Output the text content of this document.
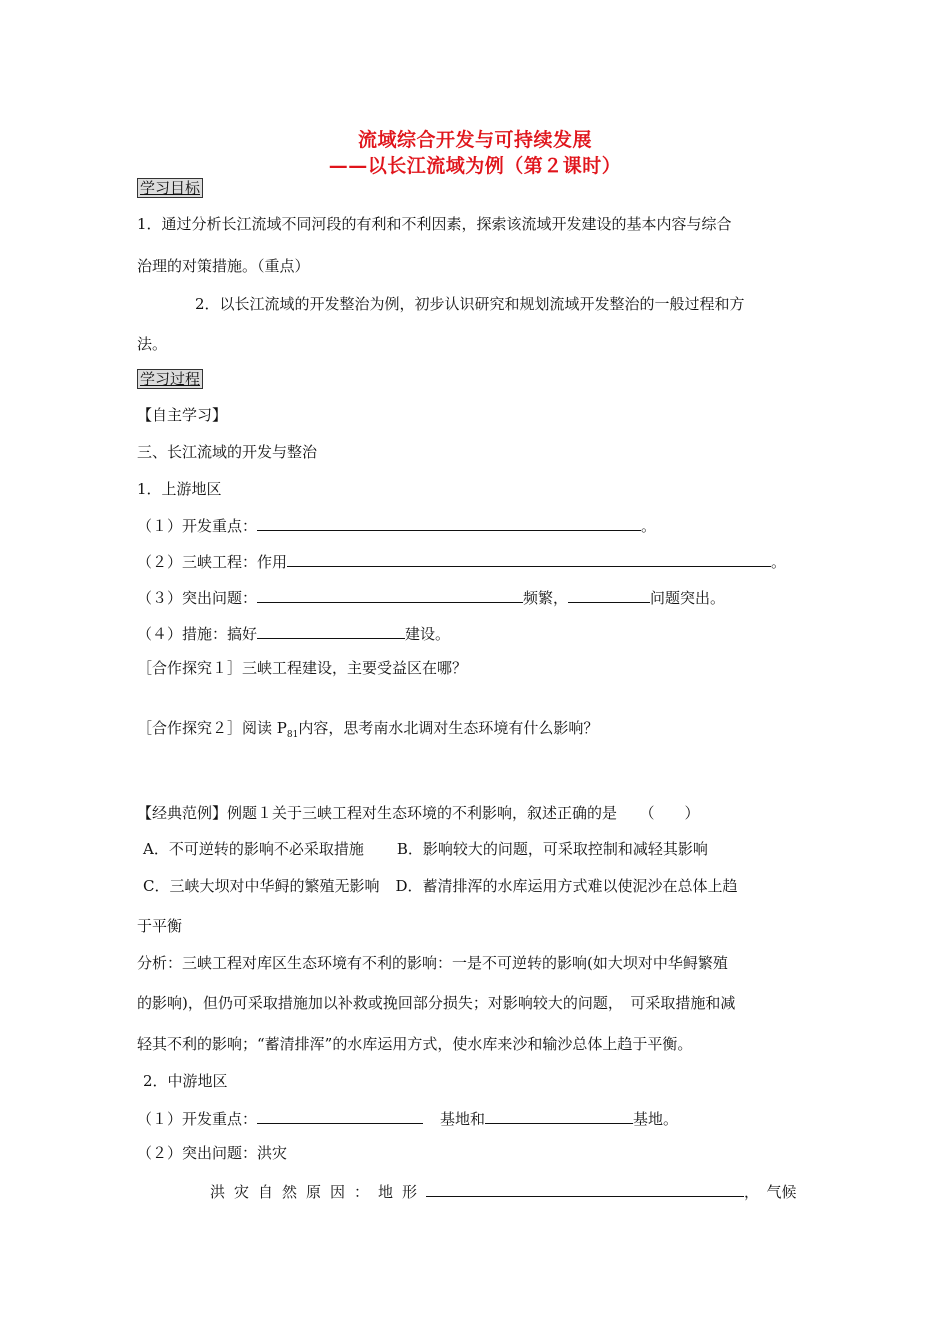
流域综合开发与可持续发展
——以长江流域为例（第２课时）
学习目标
1．通过分析长江流域不同河段的有利和不利因素，探索该流域开发建设的基本内容与综合
治理的对策措施。（重点）
2．以长江流域的开发整治为例，初步认识研究和规划流域开发整治的一般过程和方
法。
学习过程
【自主学习】
三、长江流域的开发与整治
1．上游地区
（１）开发重点：	。
（２）三峡工程：作用	。
（３）突出问题：	频繁，	问题突出。
（４）措施：搞好	建设。
［合作探究１］三峡工程建设，主要受益区在哪？
［合作探究２］阅读 $P_{81}$内容，思考南水北调对生态环境有什么影响？
【经典范例】例题１关于三峡工程对生态环境的不利影响，叙述正确的是　　（　　）
A．不可逆转的影响不必采取措施 B．影响较大的问题，可采取控制和减轻其影响
C．三峡大坝对中华鲟的繁殖无影响 D．蓄清排浑的水库运用方式难以使泥沙在总体上趋
于平衡
分析：三峡工程对库区生态环境有不利的影响：一是不可逆转的影响(如大坝对中华鲟繁殖
的影响)，但仍可采取措施加以补救或挽回部分损失；对影响较大的问题，　可采取措施和减
轻其不利的影响；“蓄清排浑”的水库运用方式，使水库来沙和输沙总体上趋于平衡。
2．中游地区
（１）开发重点：	基地和	基地。
（２）突出问题：洪灾
洪灾自然原因：地形	，　气候
